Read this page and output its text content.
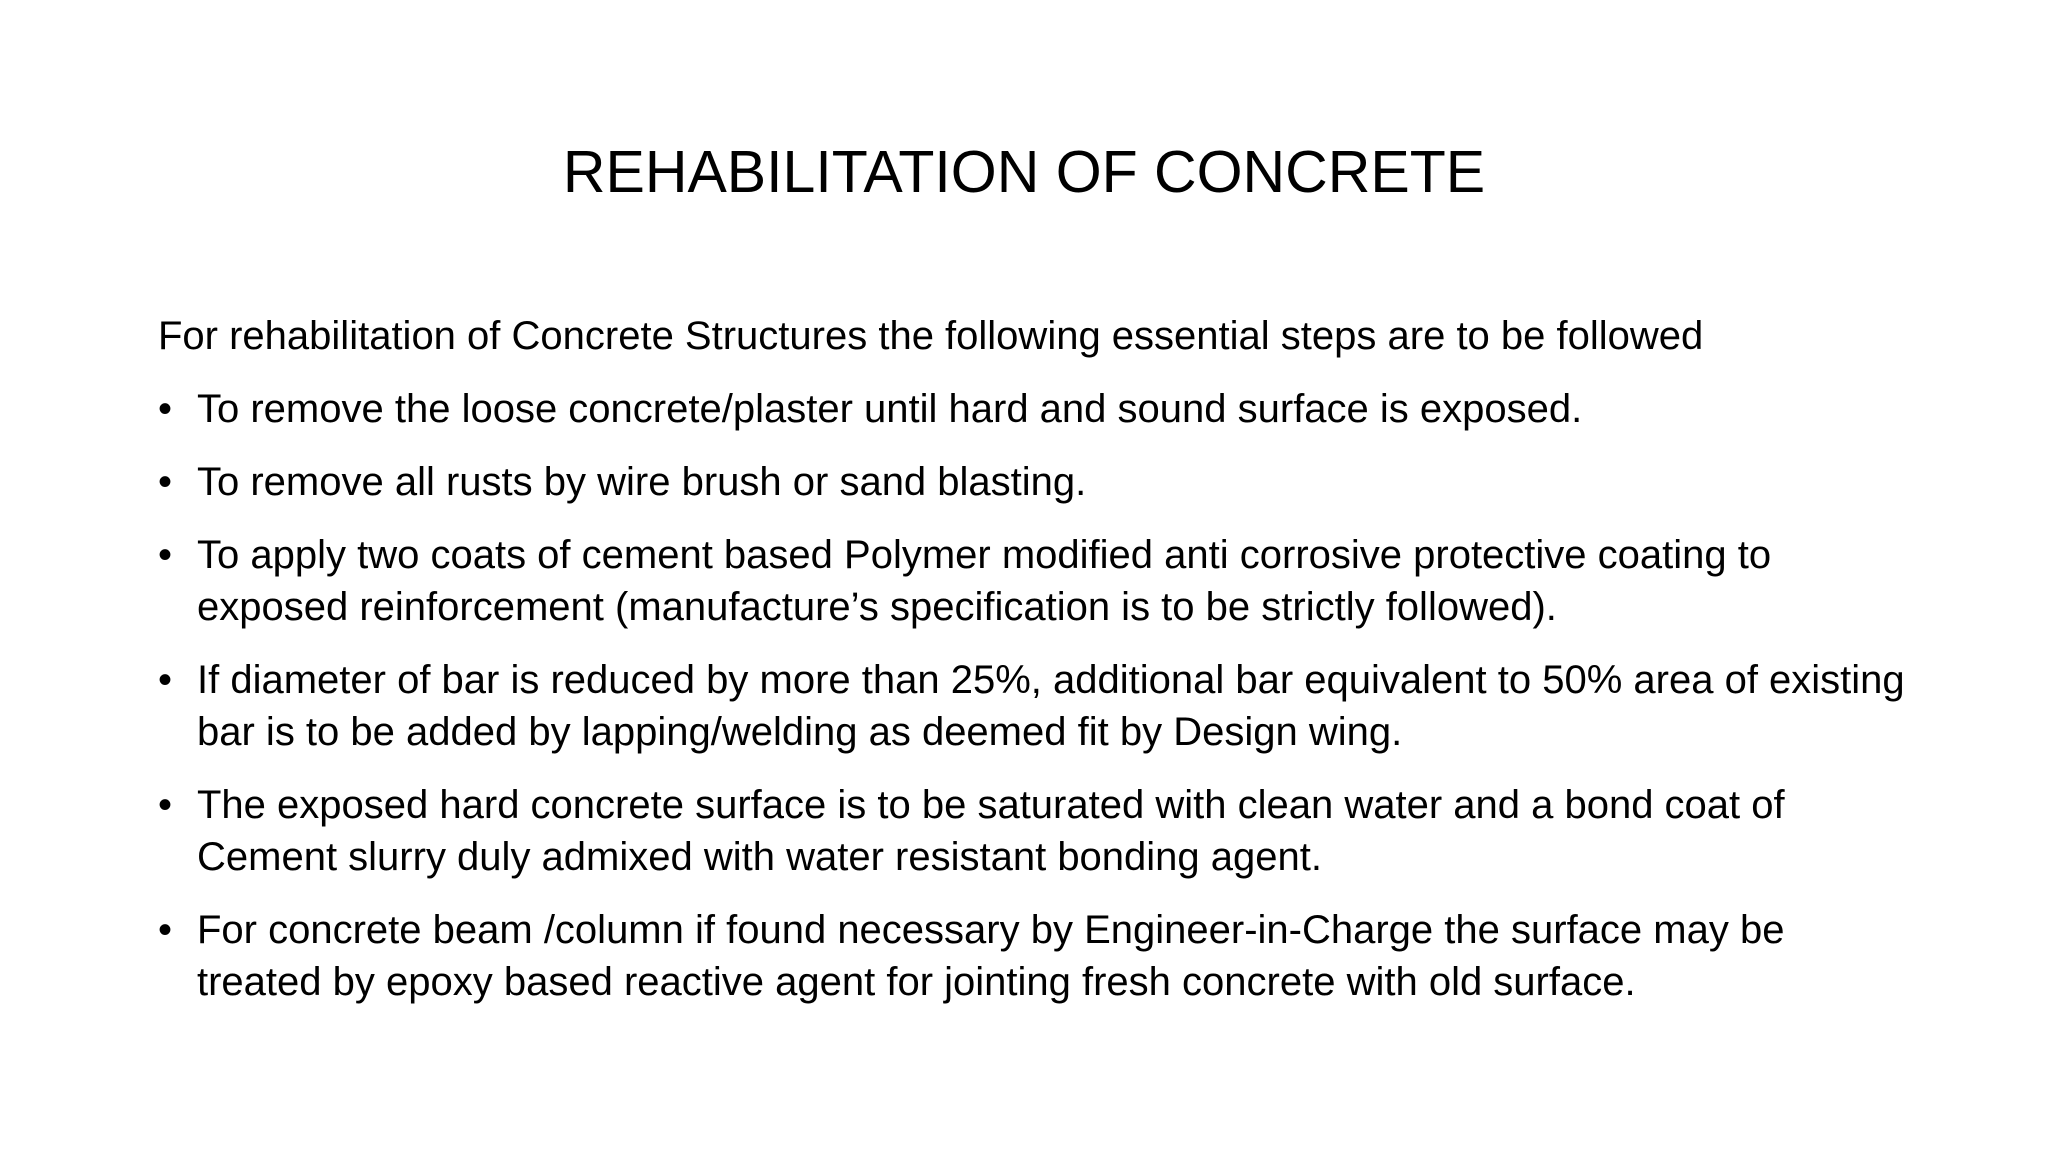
REHABILITATION OF CONCRETE

For rehabilitation of Concrete Structures the following essential steps are to be followed

• To remove the loose concrete/plaster until hard and sound surface is exposed.
• To remove all rusts by wire brush or sand blasting.
• To apply two coats of cement based Polymer modified anti corrosive protective coating to exposed reinforcement (manufacture’s specification is to be strictly followed).
• If diameter of bar is reduced by more than 25%, additional bar equivalent to 50% area of existing bar is to be added by lapping/welding as deemed fit by Design wing.
• The exposed hard concrete surface is to be saturated with clean water and a bond coat of Cement slurry duly admixed with water resistant bonding agent.
• For concrete beam /column if found necessary by Engineer-in-Charge the surface may be treated by epoxy based reactive agent for jointing fresh concrete with old surface.
